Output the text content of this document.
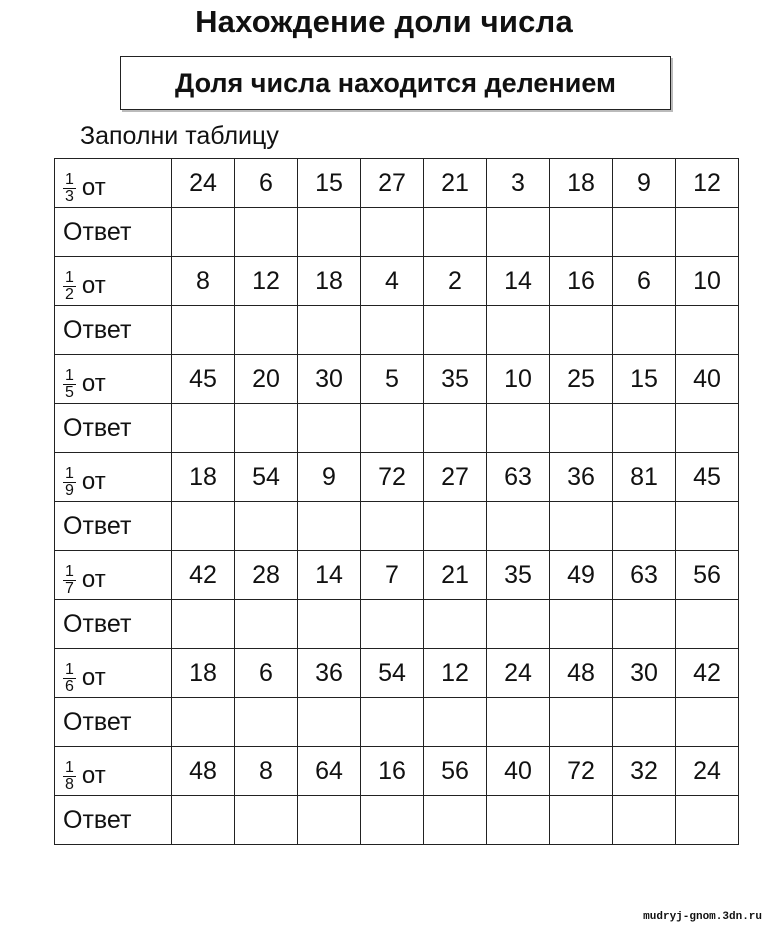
Нахождение доли числа
Доля числа находится делением
Заполни таблицу
$\frac{1}{3}$ от	24	6	15	27	21	3	18	9	12
Ответ									

$\frac{1}{2}$ от	8	12	18	4	2	14	16	6	10
Ответ									

$\frac{1}{5}$ от	45	20	30	5	35	10	25	15	40
Ответ									

$\frac{1}{9}$ от	18	54	9	72	27	63	36	81	45
Ответ									

$\frac{1}{7}$ от	42	28	14	7	21	35	49	63	56
Ответ									

$\frac{1}{6}$ от	18	6	36	54	12	24	48	30	42
Ответ									

$\frac{1}{8}$ от	48	8	64	16	56	40	72	32	24
Ответ									
mudryj-gnom.3dn.ru
